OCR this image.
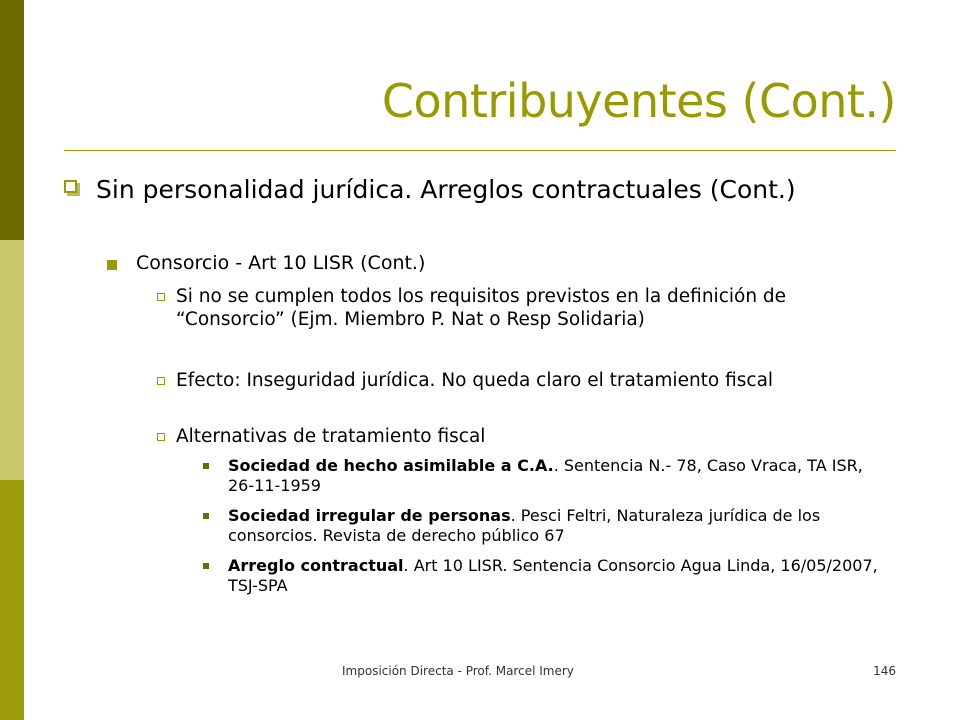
Contribuyentes (Cont.)

Sin personalidad jurídica. Arreglos contractuales (Cont.)

Consorcio - Art 10 LISR (Cont.)

Si no se cumplen todos los requisitos previstos en la definición de “Consorcio” (Ejm. Miembro P. Nat o Resp Solidaria)

Efecto: Inseguridad jurídica. No queda claro el tratamiento fiscal

Alternativas de tratamiento fiscal

Sociedad de hecho asimilable a C.A.. Sentencia N.- 78, Caso Vraca, TA ISR, 26-11-1959

Sociedad irregular de personas. Pesci Feltri, Naturaleza jurídica de los consorcios. Revista de derecho público 67

Arreglo contractual. Art 10 LISR. Sentencia Consorcio Agua Linda, 16/05/2007, TSJ-SPA

Imposición Directa - Prof. Marcel Imery	146
